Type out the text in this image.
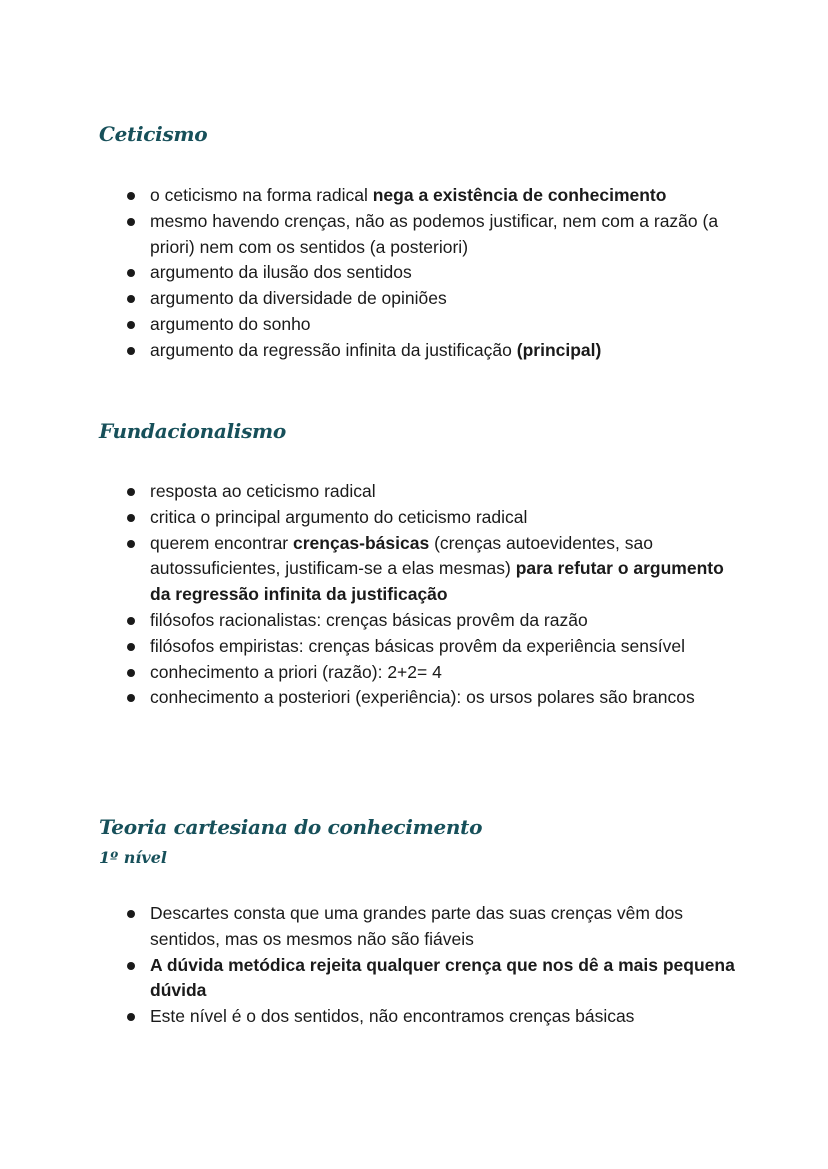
Ceticismo
o ceticismo na forma radical nega a existência de conhecimento
mesmo havendo crenças, não as podemos justificar, nem com a razão (a priori) nem com os sentidos (a posteriori)
argumento da ilusão dos sentidos
argumento da diversidade de opiniões
argumento do sonho
argumento da regressão infinita da justificação (principal)
Fundacionalismo
resposta ao ceticismo radical
critica o principal argumento do ceticismo radical
querem encontrar crenças-básicas (crenças autoevidentes, sao autossuficientes, justificam-se a elas mesmas) para refutar o argumento da regressão infinita da justificação
filósofos racionalistas: crenças básicas provêm da razão
filósofos empiristas: crenças básicas provêm da experiência sensível
conhecimento a priori (razão): 2+2= 4
conhecimento a posteriori (experiência): os ursos polares são brancos
Teoria cartesiana do conhecimento
1º nível
Descartes consta que uma grandes parte das suas crenças vêm dos sentidos, mas os mesmos não são fiáveis
A dúvida metódica rejeita qualquer crença que nos dê a mais pequena dúvida
Este nível é o dos sentidos, não encontramos crenças básicas
